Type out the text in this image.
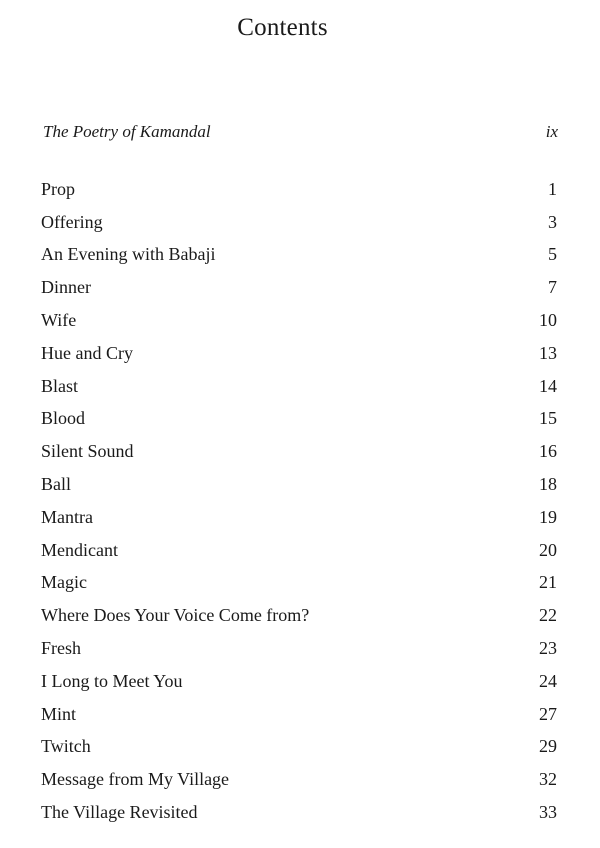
Contents
The Poetry of Kamandal	ix
Prop	1
Offering	3
An Evening with Babaji	5
Dinner	7
Wife	10
Hue and Cry	13
Blast	14
Blood	15
Silent Sound	16
Ball	18
Mantra	19
Mendicant	20
Magic	21
Where Does Your Voice Come from?	22
Fresh	23
I Long to Meet You	24
Mint	27
Twitch	29
Message from My Village	32
The Village Revisited	33
